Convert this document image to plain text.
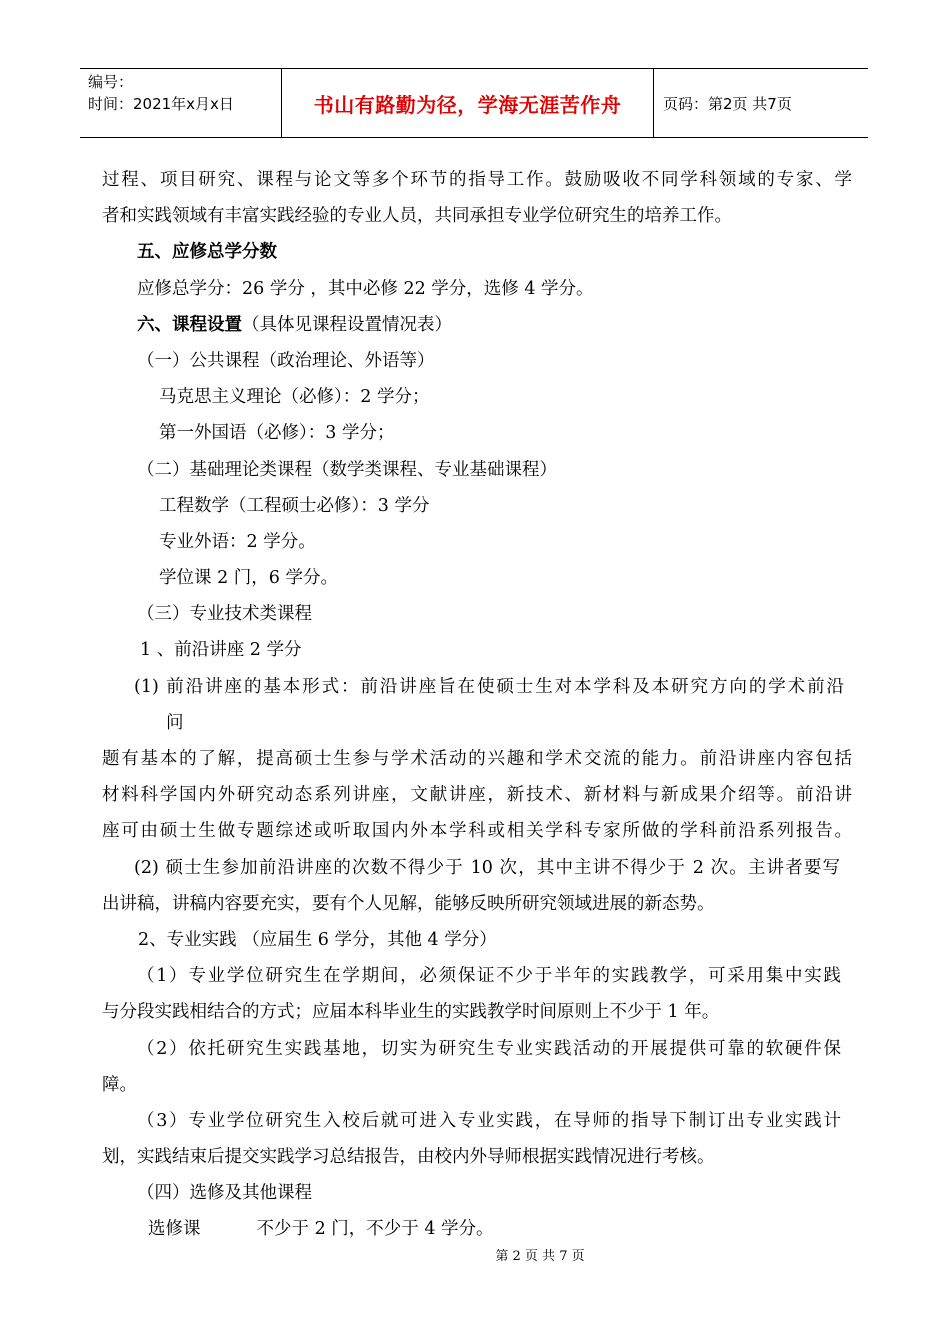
编号：
时间：2021年x月x日	书山有路勤为径，学海无涯苦作舟	页码：第2页 共7页
过程、项目研究、课程与论文等多个环节的指导工作。鼓励吸收不同学科领域的专家、学
者和实践领域有丰富实践经验的专业人员，共同承担专业学位研究生的培养工作。
五、应修总学分数
应修总学分：26 学分 ，其中必修 22 学分，选修 4 学分。
六、课程设置（具体见课程设置情况表）
（一）公共课程（政治理论、外语等）
马克思主义理论（必修）：2 学分；
第一外国语（必修）：3 学分；
（二）基础理论类课程（数学类课程、专业基础课程）
工程数学（工程硕士必修）：3 学分
专业外语：2 学分。
学位课 2 门，6 学分。
（三）专业技术类课程
1 、前沿讲座 2 学分
(1) 前沿讲座的基本形式：前沿讲座旨在使硕士生对本学科及本研究方向的学术前沿
问
题有基本的了解，提高硕士生参与学术活动的兴趣和学术交流的能力。前沿讲座内容包括
材料科学国内外研究动态系列讲座，文献讲座，新技术、新材料与新成果介绍等。前沿讲
座可由硕士生做专题综述或听取国内外本学科或相关学科专家所做的学科前沿系列报告。
(2) 硕士生参加前沿讲座的次数不得少于 10 次，其中主讲不得少于 2 次。主讲者要写
出讲稿，讲稿内容要充实，要有个人见解，能够反映所研究领域进展的新态势。
2、专业实践 （应届生 6 学分，其他 4 学分）
（1）专业学位研究生在学期间，必须保证不少于半年的实践教学，可采用集中实践
与分段实践相结合的方式；应届本科毕业生的实践教学时间原则上不少于 1 年。
（2）依托研究生实践基地，切实为研究生专业实践活动的开展提供可靠的软硬件保
障。
（3）专业学位研究生入校后就可进入专业实践，在导师的指导下制订出专业实践计
划，实践结束后提交实践学习总结报告，由校内外导师根据实践情况进行考核。
（四）选修及其他课程
选修课	不少于 2 门，不少于 4 学分。
第 2 页 共 7 页
